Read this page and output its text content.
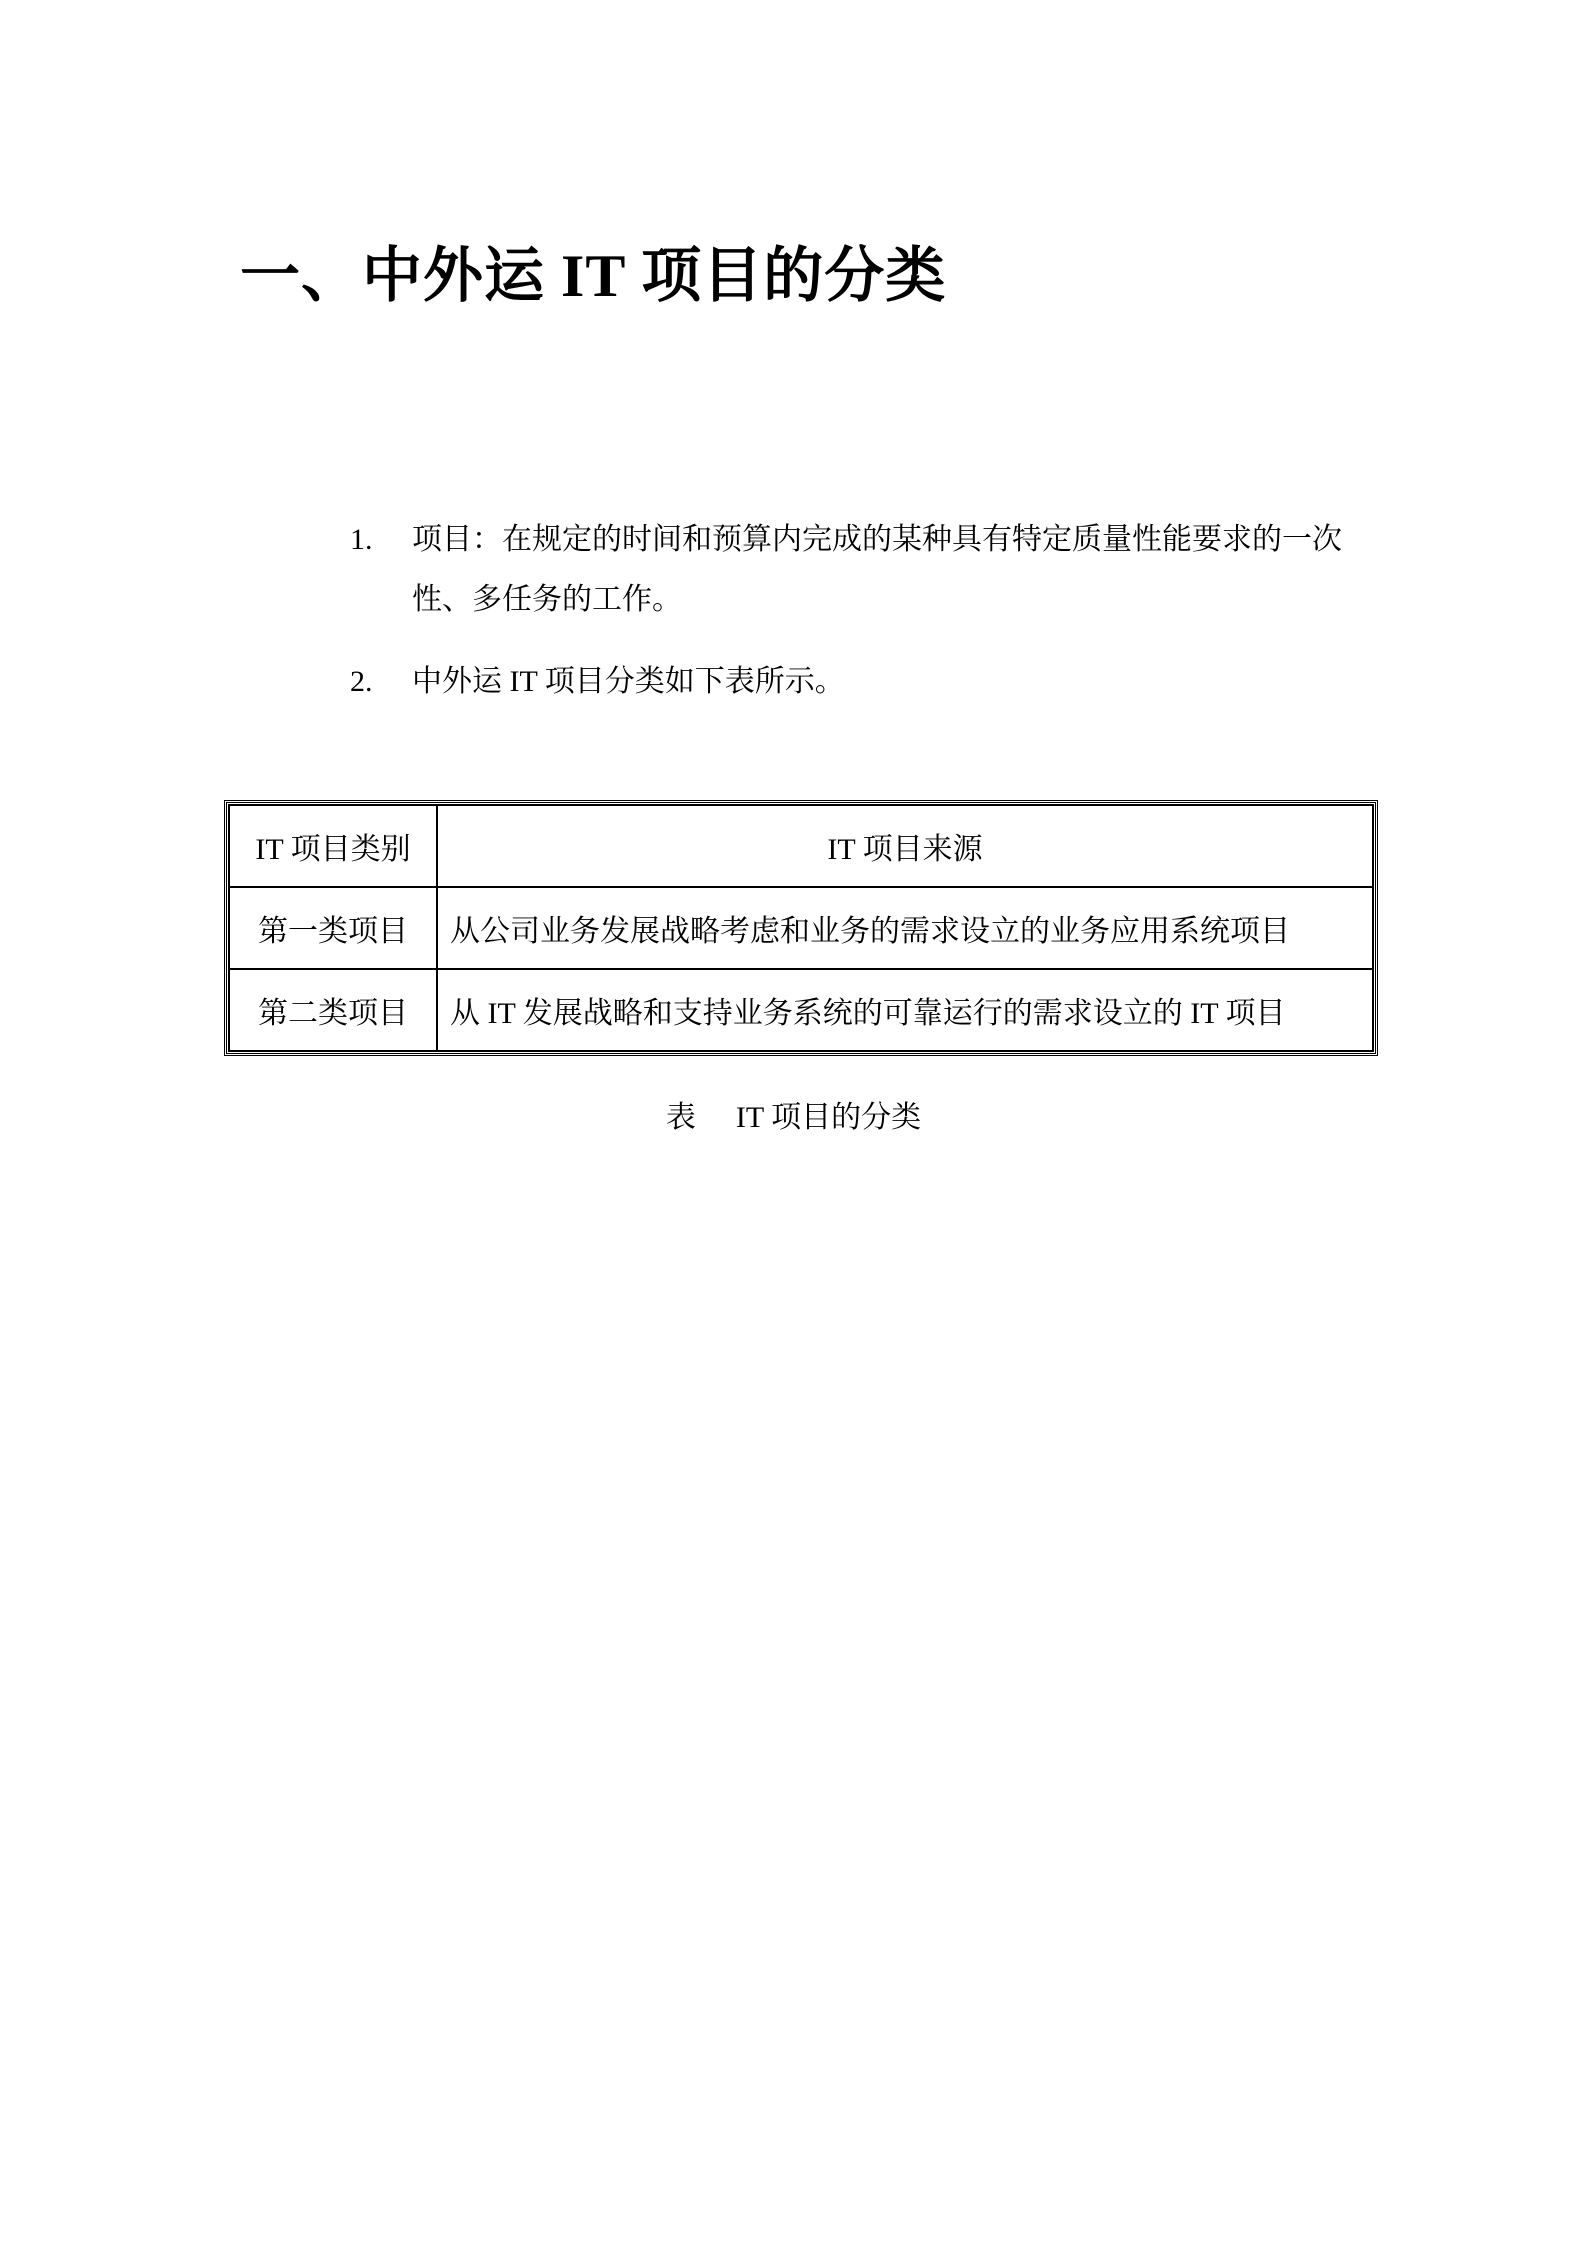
一、中外运 IT 项目的分类
1. 项目：在规定的时间和预算内完成的某种具有特定质量性能要求的一次性、多任务的工作。
2. 中外运 IT 项目分类如下表所示。
IT 项目类别	IT 项目来源
第一类项目	从公司业务发展战略考虑和业务的需求设立的业务应用系统项目
第二类项目	从 IT 发展战略和支持业务系统的可靠运行的需求设立的 IT 项目
表 IT 项目的分类
